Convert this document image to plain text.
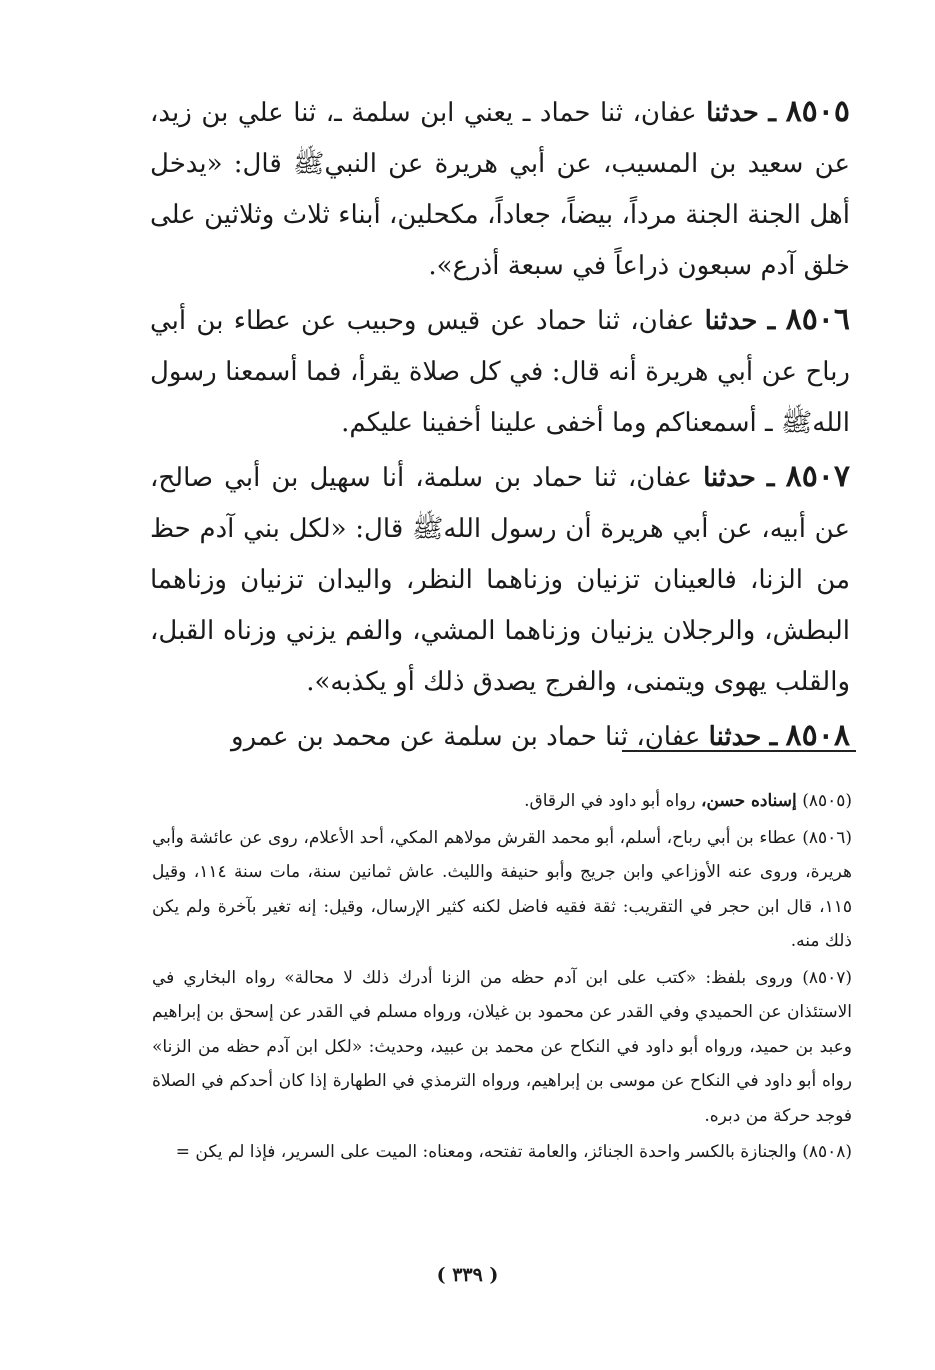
٨٥٠٥ ـ حدثنا عفان، ثنا حماد ـ يعني ابن سلمة ـ، ثنا علي بن زيد، عن سعيد بن المسيب، عن أبي هريرة عن النبيﷺ قال: «يدخل أهل الجنة الجنة مرداً، بيضاً، جعاداً، مكحلين، أبناء ثلاث وثلاثين على خلق آدم سبعون ذراعاً في سبعة أذرع».

٨٥٠٦ ـ حدثنا عفان، ثنا حماد عن قيس وحبيب عن عطاء بن أبي رباح عن أبي هريرة أنه قال: في كل صلاة يقرأ، فما أسمعنا رسول اللهﷺ ـ أسمعناكم وما أخفى علينا أخفينا عليكم.

٨٥٠٧ ـ حدثنا عفان، ثنا حماد بن سلمة، أنا سهيل بن أبي صالح، عن أبيه، عن أبي هريرة أن رسول اللهﷺ قال: «لكل بني آدم حظ من الزنا، فالعينان تزنيان وزناهما النظر، واليدان تزنيان وزناهما البطش، والرجلان يزنيان وزناهما المشي، والفم يزني وزناه القبل، والقلب يهوى ويتمنى، والفرج يصدق ذلك أو يكذبه».

٨٥٠٨ ـ حدثنا عفان، ثنا حماد بن سلمة عن محمد بن عمرو

(٨٥٠٥) إسناده حسن، رواه أبو داود في الرقاق.

(٨٥٠٦) عطاء بن أبي رباح، أسلم، أبو محمد القرش مولاهم المكي، أحد الأعلام، روى عن عائشة وأبي هريرة، وروى عنه الأوزاعي وابن جريج وأبو حنيفة والليث. عاش ثمانين سنة، مات سنة ١١٤، وقيل ١١٥، قال ابن حجر في التقريب: ثقة فقيه فاضل لكنه كثير الإرسال، وقيل: إنه تغير بآخرة ولم يكن ذلك منه.

(٨٥٠٧) وروى بلفظ: «كتب على ابن آدم حظه من الزنا أدرك ذلك لا محالة» رواه البخاري في الاستئذان عن الحميدي وفي القدر عن محمود بن غيلان، ورواه مسلم في القدر عن إسحق بن إبراهيم وعبد بن حميد، ورواه أبو داود في النكاح عن محمد بن عبيد، وحديث: «لكل ابن آدم حظه من الزنا» رواه أبو داود في النكاح عن موسى بن إبراهيم، ورواه الترمذي في الطهارة إذا كان أحدكم في الصلاة فوجد حركة من دبره.

(٨٥٠٨) والجنازة بالكسر واحدة الجنائز، والعامة تفتحه، ومعناه: الميت على السرير، فإذا لم يكن =

( ٣٣٩ )
